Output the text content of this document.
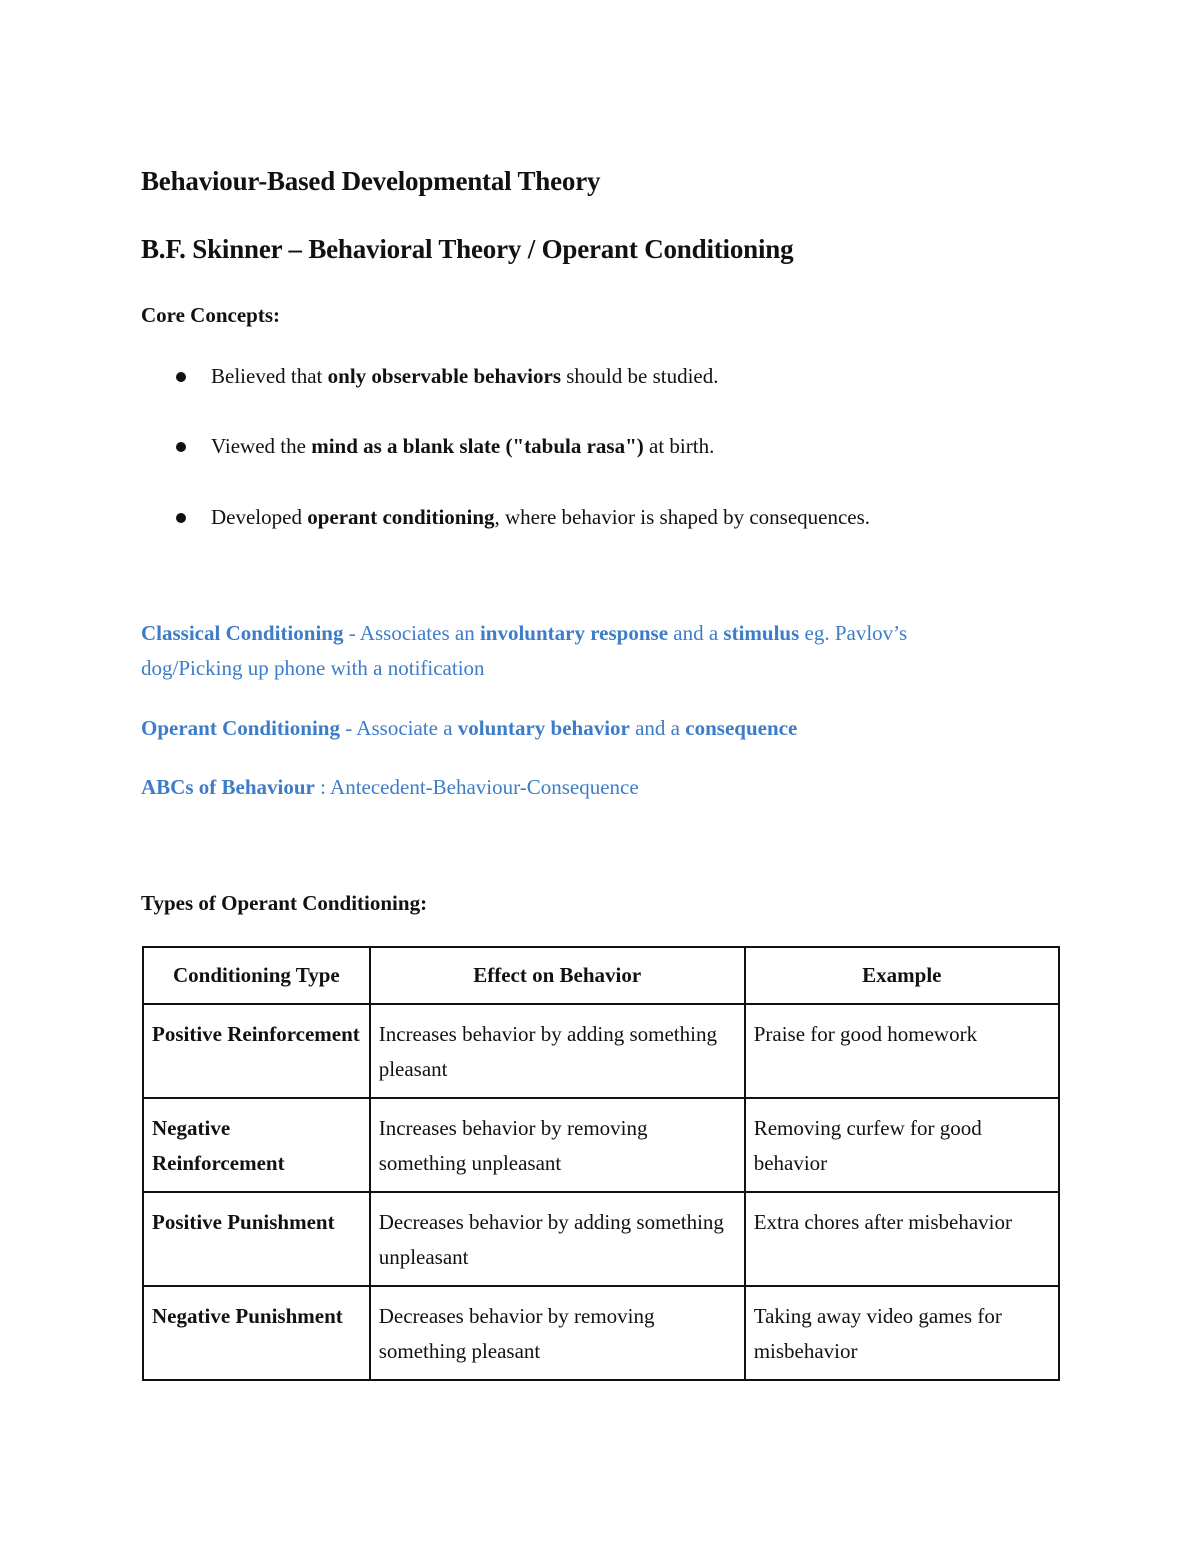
Behaviour-Based Developmental Theory
B.F. Skinner – Behavioral Theory / Operant Conditioning
Core Concepts:
Believed that only observable behaviors should be studied.
Viewed the mind as a blank slate ("tabula rasa") at birth.
Developed operant conditioning, where behavior is shaped by consequences.
Classical Conditioning - Associates an involuntary response and a stimulus eg. Pavlov’s dog/Picking up phone with a notification
Operant Conditioning - Associate a voluntary behavior and a consequence
ABCs of Behaviour : Antecedent-Behaviour-Consequence
Types of Operant Conditioning:
Conditioning Type	Effect on Behavior	Example
Positive Reinforcement	Increases behavior by adding something pleasant	Praise for good homework
Negative Reinforcement	Increases behavior by removing something unpleasant	Removing curfew for good behavior
Positive Punishment	Decreases behavior by adding something unpleasant	Extra chores after misbehavior
Negative Punishment	Decreases behavior by removing something pleasant	Taking away video games for misbehavior
